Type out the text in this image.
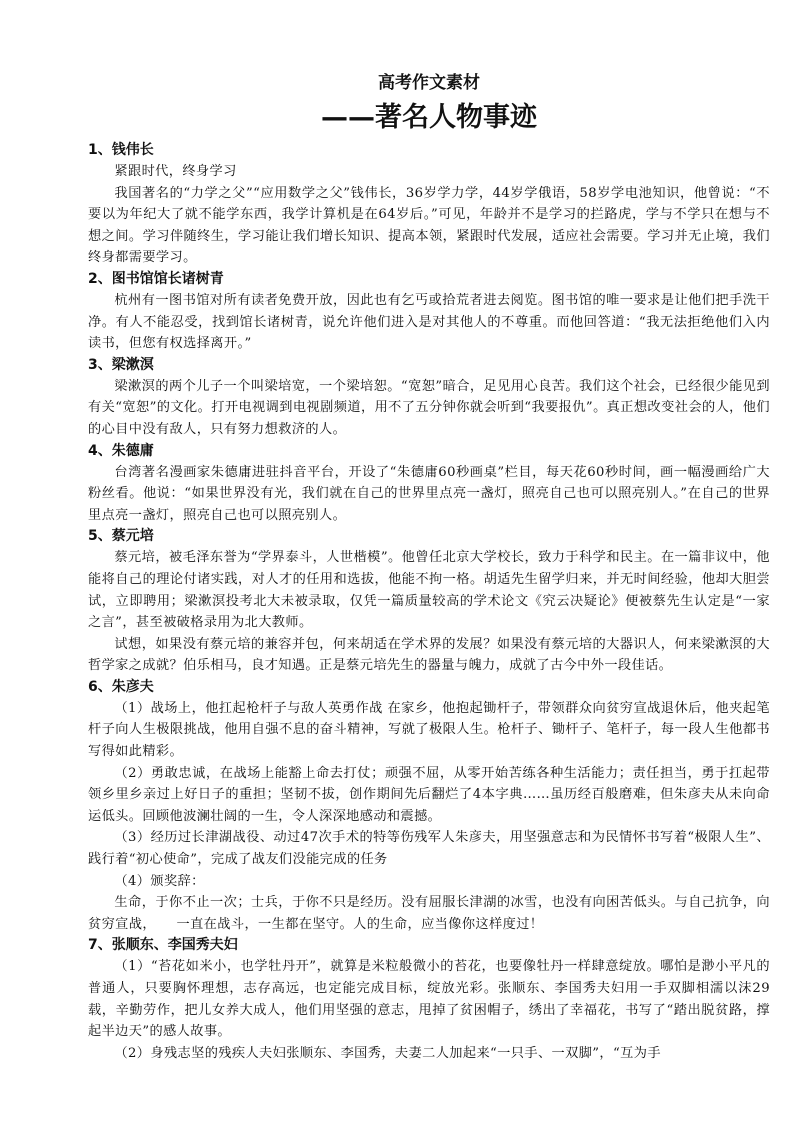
高考作文素材
——著名人物事迹
1、钱伟长

紧跟时代，终身学习

我国著名的“力学之父”“应用数学之父”钱伟长，36岁学力学，44岁学俄语，58岁学电池知识，他曾说：“不要以为年纪大了就不能学东西，我学计算机是在64岁后。”可见，年龄并不是学习的拦路虎，学与不学只在想与不想之间。学习伴随终生，学习能让我们增长知识、提高本领，紧跟时代发展，适应社会需要。学习并无止境，我们终身都需要学习。

2、图书馆馆长诸树青

杭州有一图书馆对所有读者免费开放，因此也有乞丐或拾荒者进去阅览。图书馆的唯一要求是让他们把手洗干净。有人不能忍受，找到馆长诸树青，说允许他们进入是对其他人的不尊重。而他回答道：“我无法拒绝他们入内读书，但您有权选择离开。”

3、梁漱溟

梁漱溟的两个儿子一个叫梁培宽，一个梁培恕。“宽恕”暗合，足见用心良苦。我们这个社会，已经很少能见到有关“宽恕”的文化。打开电视调到电视剧频道，用不了五分钟你就会听到“我要报仇”。真正想改变社会的人，他们的心目中没有敌人，只有努力想救济的人。

4、朱德庸

台湾著名漫画家朱德庸进驻抖音平台，开设了“朱德庸60秒画桌”栏目，每天花60秒时间，画一幅漫画给广大粉丝看。他说：“如果世界没有光，我们就在自己的世界里点亮一盏灯，照亮自己也可以照亮别人。”在自己的世界里点亮一盏灯，照亮自己也可以照亮别人。

5、蔡元培

蔡元培，被毛泽东誉为“学界泰斗，人世楷模”。他曾任北京大学校长，致力于科学和民主。在一篇非议中，他能将自己的理论付诸实践，对人才的任用和选拔，他能不拘一格。胡适先生留学归来，并无时间经验，他却大胆尝试，立即聘用；梁漱溟投考北大未被录取，仅凭一篇质量较高的学术论文《究云决疑论》便被蔡先生认定是“一家之言”，甚至被破格录用为北大教师。

试想，如果没有蔡元培的兼容并包，何来胡适在学术界的发展？如果没有蔡元培的大器识人，何来梁漱溟的大哲学家之成就？伯乐相马，良才知遇。正是蔡元培先生的器量与魄力，成就了古今中外一段佳话。

6、朱彦夫

（1）战场上，他扛起枪杆子与敌人英勇作战 在家乡，他抱起锄杆子，带领群众向贫穷宣战退休后，他夹起笔杆子向人生极限挑战，他用自强不息的奋斗精神，写就了极限人生。枪杆子、锄杆子、笔杆子，每一段人生他都书写得如此精彩。

（2）勇敢忠诚，在战场上能豁上命去打仗；顽强不屈，从零开始苦练各种生活能力；责任担当，勇于扛起带领乡里乡亲过上好日子的重担；坚韧不拔，创作期间先后翻烂了4本字典……虽历经百般磨难，但朱彦夫从未向命运低头。回顾他波澜壮阔的一生，令人深深地感动和震撼。

（3）经历过长津湖战役、动过47次手术的特等伤残军人朱彦夫，用坚强意志和为民情怀书写着“极限人生”、践行着“初心使命”，完成了战友们没能完成的任务

（4）颁奖辞：

生命，于你不止一次；士兵，于你不只是经历。没有屈服长津湖的冰雪，也没有向困苦低头。与自己抗争，向贫穷宣战，　　一直在战斗，一生都在坚守。人的生命，应当像你这样度过！

7、张顺东、李国秀夫妇

（1）“苔花如米小，也学牡丹开”，就算是米粒般微小的苔花，也要像牡丹一样肆意绽放。哪怕是渺小平凡的普通人，只要胸怀理想，志存高远，也定能完成目标，绽放光彩。张顺东、李国秀夫妇用一手双脚相濡以沫29载，辛勤劳作，把儿女养大成人，他们用坚强的意志，甩掉了贫困帽子，绣出了幸福花，书写了“踏出脱贫路，撑起半边天”的感人故事。

（2）身残志坚的残疾人夫妇张顺东、李国秀，夫妻二人加起来“一只手、一双脚”，“互为手
